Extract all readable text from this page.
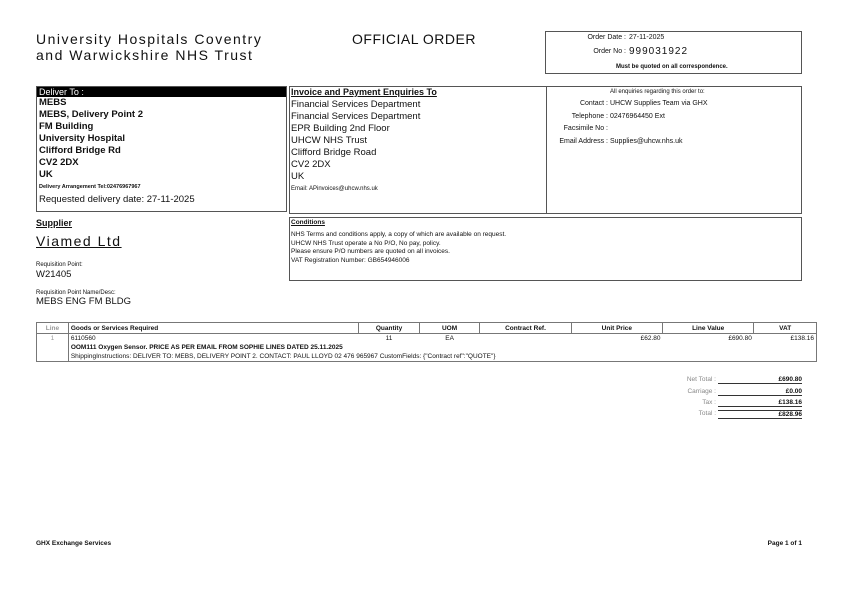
University Hospitals Coventry
and Warwickshire NHS Trust
OFFICIAL ORDER	Order Date : 27-11-2025
Order No : 999031922
Must be quoted on all correspondence.
Deliver To :
MEBS
MEBS, Delivery Point 2
FM Building
University Hospital
Clifford Bridge Rd
CV2 2DX
UK
Delivery Arrangement Tel:02476967967
Requested delivery date: 27-11-2025
Invoice and Payment Enquiries To
Financial Services Department
Financial Services Department
EPR Building 2nd Floor
UHCW NHS Trust
Clifford Bridge Road
CV2 2DX
UK
Email: APinvoices@uhcw.nhs.uk
All enquiries regarding this order to:
Contact : UHCW Supplies Team via GHX
Telephone : 02476964450 Ext
Facsimile No :
Email Address : Supplies@uhcw.nhs.uk
Supplier
Viamed Ltd
Requisition Point:
W21405
Requisition Point Name/Desc:
MEBS ENG FM BLDG
Conditions
NHS Terms and conditions apply, a copy of which are available on request.
UHCW NHS Trust operate a No P/O, No pay, policy.
Please ensure P/O numbers are quoted on all invoices.
VAT Registration Number: GB654946006
Line	Goods or Services Required	Quantity	UOM	Contract Ref.	Unit Price	Line Value	VAT
1	6110560	11	EA		£62.80	£690.80	£138.16
	OOM111 Oxygen Sensor. PRICE AS PER EMAIL FROM SOPHIE LINES DATED 25.11.2025						
	ShippingInstructions: DELIVER TO: MEBS, DELIVERY POINT 2. CONTACT: PAUL LLOYD 02 476 965967 CustomFields: {"Contract ref":"QUOTE"}						
Net Total :	£690.80
Carriage :	£0.00
Tax :	£138.16
Total :	£828.96
GHX Exchange Services	Page 1 of 1
